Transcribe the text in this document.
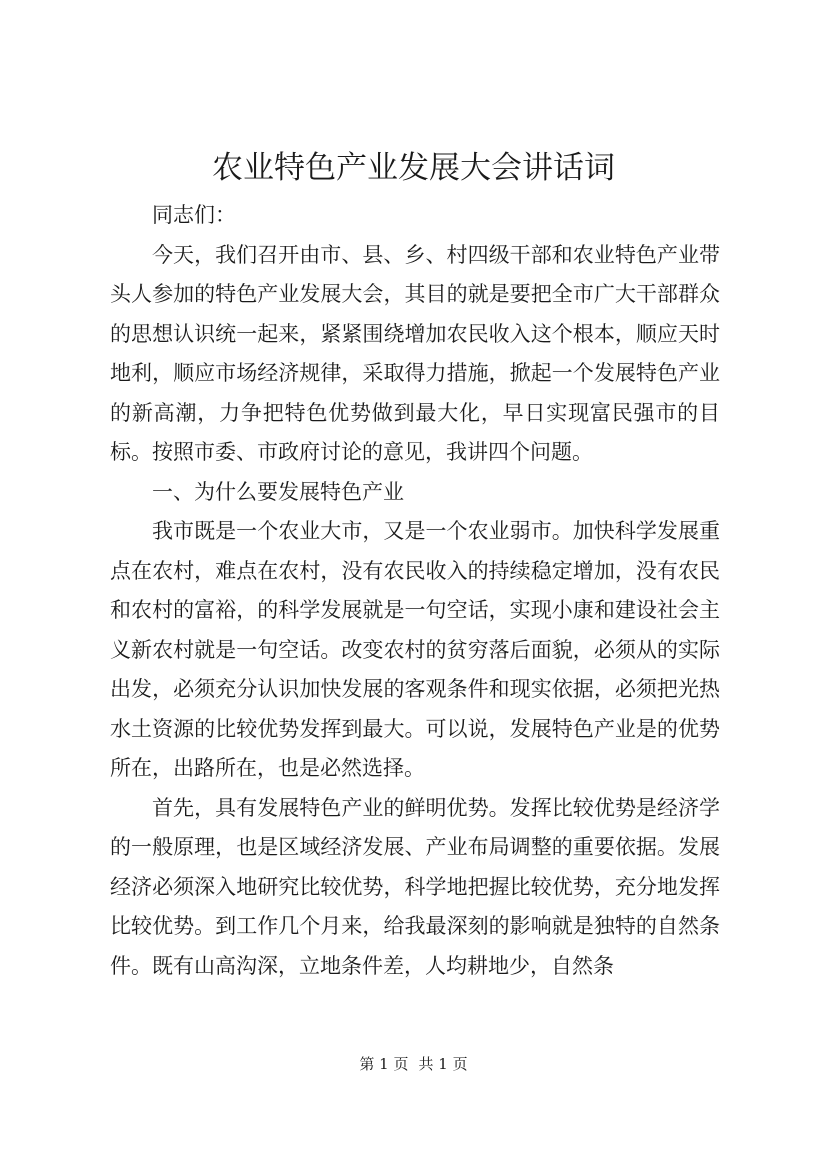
农业特色产业发展大会讲话词

同志们：

今天，我们召开由市、县、乡、村四级干部和农业特色产业带头人参加的特色产业发展大会，其目的就是要把全市广大干部群众的思想认识统一起来，紧紧围绕增加农民收入这个根本，顺应天时地利，顺应市场经济规律，采取得力措施，掀起一个发展特色产业的新高潮，力争把特色优势做到最大化，早日实现富民强市的目标。按照市委、市政府讨论的意见，我讲四个问题。

一、为什么要发展特色产业

我市既是一个农业大市，又是一个农业弱市。加快科学发展重点在农村，难点在农村，没有农民收入的持续稳定增加，没有农民和农村的富裕，的科学发展就是一句空话，实现小康和建设社会主义新农村就是一句空话。改变农村的贫穷落后面貌，必须从的实际出发，必须充分认识加快发展的客观条件和现实依据，必须把光热水土资源的比较优势发挥到最大。可以说，发展特色产业是的优势所在，出路所在，也是必然选择。

首先，具有发展特色产业的鲜明优势。发挥比较优势是经济学的一般原理，也是区域经济发展、产业布局调整的重要依据。发展经济必须深入地研究比较优势，科学地把握比较优势，充分地发挥比较优势。到工作几个月来，给我最深刻的影响就是独特的自然条件。既有山高沟深，立地条件差，人均耕地少，自然条

第 1 页 共 1 页
